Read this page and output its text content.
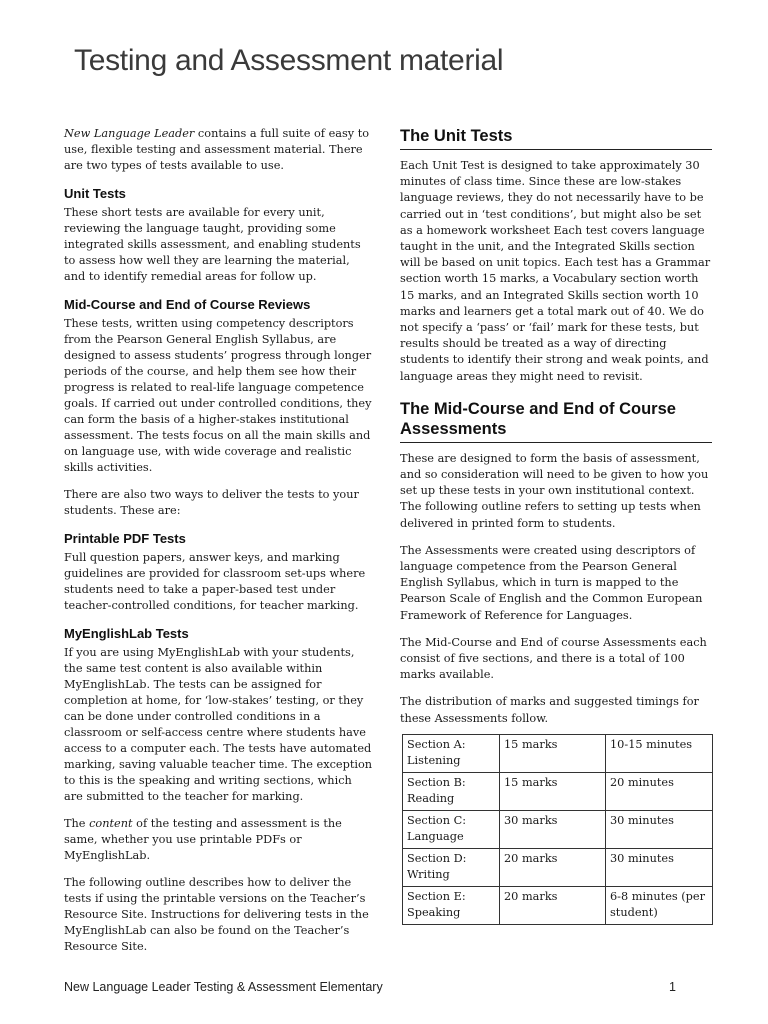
Testing and Assessment material

New Language Leader contains a full suite of easy to use, flexible testing and assessment material. There are two types of tests available to use.

Unit Tests

These short tests are available for every unit, reviewing the language taught, providing some integrated skills assessment, and enabling students to assess how well they are learning the material, and to identify remedial areas for follow up.

Mid-Course and End of Course Reviews

These tests, written using competency descriptors from the Pearson General English Syllabus, are designed to assess students’ progress through longer periods of the course, and help them see how their progress is related to real-life language competence goals. If carried out under controlled conditions, they can form the basis of a higher-stakes institutional assessment. The tests focus on all the main skills and on language use, with wide coverage and realistic skills activities.

There are also two ways to deliver the tests to your students. These are:

Printable PDF Tests

Full question papers, answer keys, and marking guidelines are provided for classroom set-ups where students need to take a paper-based test under teacher-controlled conditions, for teacher marking.

MyEnglishLab Tests

If you are using MyEnglishLab with your students, the same test content is also available within MyEnglishLab. The tests can be assigned for completion at home, for ‘low-stakes’ testing, or they can be done under controlled conditions in a classroom or self-access centre where students have access to a computer each. The tests have automated marking, saving valuable teacher time. The exception to this is the speaking and writing sections, which are submitted to the teacher for marking.

The content of the testing and assessment is the same, whether you use printable PDFs or MyEnglishLab.

The following outline describes how to deliver the tests if using the printable versions on the Teacher’s Resource Site. Instructions for delivering tests in the MyEnglishLab can also be found on the Teacher’s Resource Site.

The Unit Tests

Each Unit Test is designed to take approximately 30 minutes of class time. Since these are low-stakes language reviews, they do not necessarily have to be carried out in ‘test conditions’, but might also be set as a homework worksheet Each test covers language taught in the unit, and the Integrated Skills section will be based on unit topics. Each test has a Grammar section worth 15 marks, a Vocabulary section worth 15 marks, and an Integrated Skills section worth 10 marks and learners get a total mark out of 40. We do not specify a ‘pass’ or ‘fail’ mark for these tests, but results should be treated as a way of directing students to identify their strong and weak points, and language areas they might need to revisit.

The Mid-Course and End of Course Assessments

These are designed to form the basis of assessment, and so consideration will need to be given to how you set up these tests in your own institutional context. The following outline refers to setting up tests when delivered in printed form to students.

The Assessments were created using descriptors of language competence from the Pearson General English Syllabus, which in turn is mapped to the Pearson Scale of English and the Common European Framework of Reference for Languages.

The Mid-Course and End of course Assessments each consist of five sections, and there is a total of 100 marks available.

The distribution of marks and suggested timings for these Assessments follow.

Section A: Listening	15 marks	10-15 minutes
Section B: Reading	15 marks	20 minutes
Section C: Language	30 marks	30 minutes
Section D: Writing	20 marks	30 minutes
Section E: Speaking	20 marks	6-8 minutes (per student)
New Language Leader Testing & Assessment Elementary	1
